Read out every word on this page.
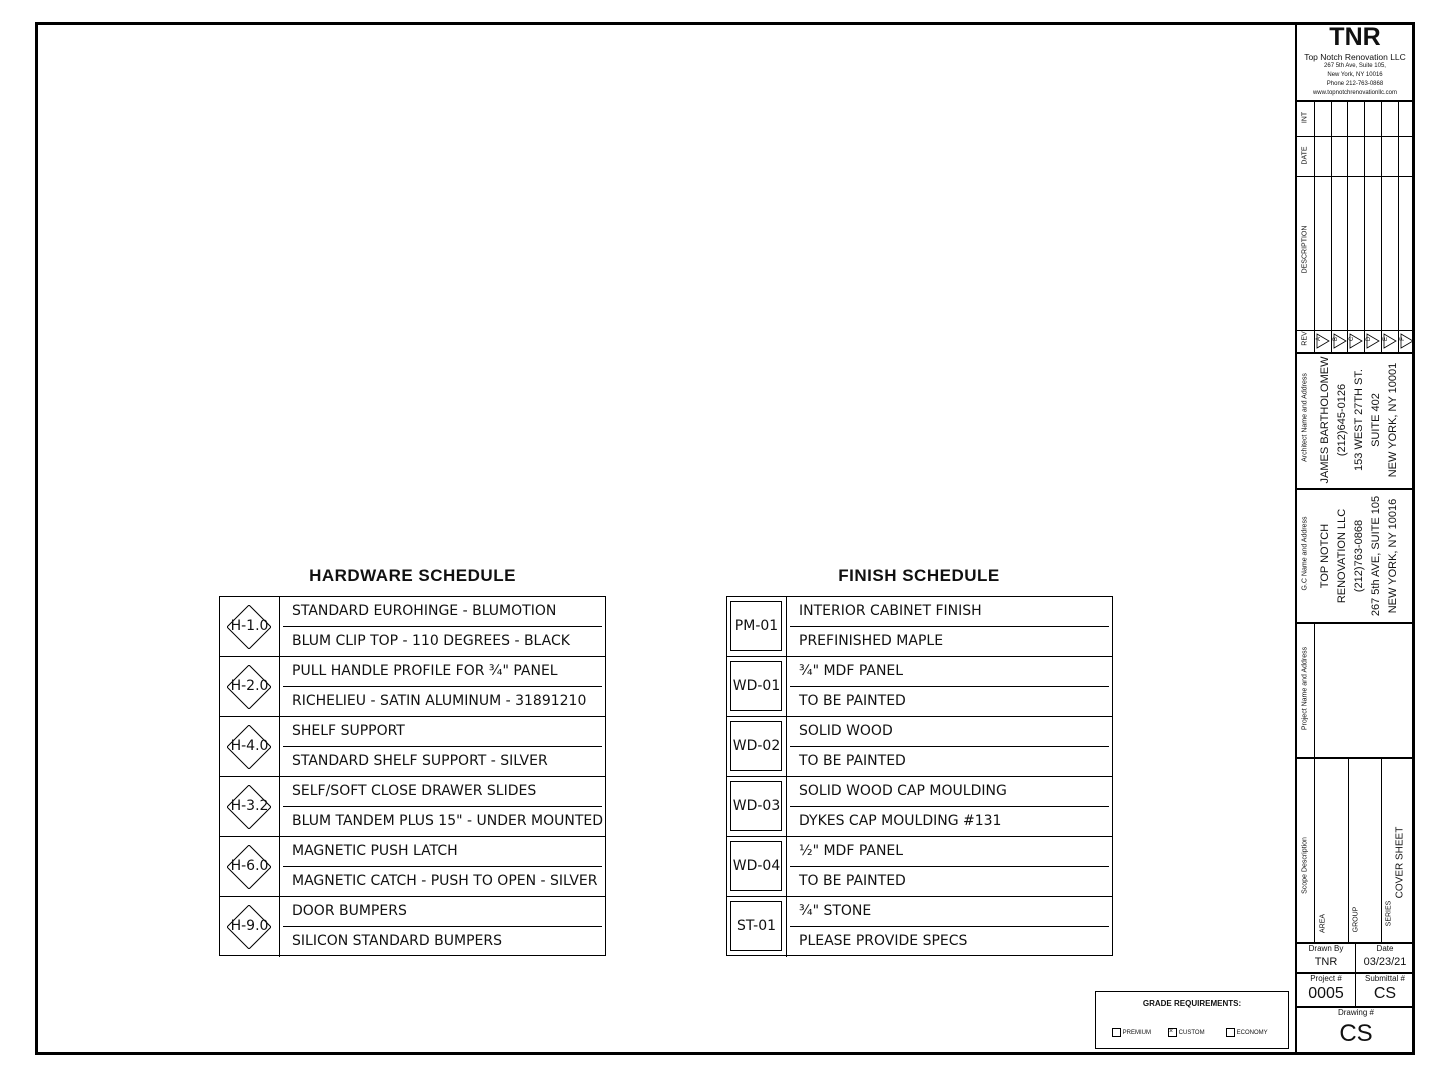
HARDWARE SCHEDULE
H-1.0
STANDARD EUROHINGE - BLUMOTION
BLUM CLIP TOP - 110 DEGREES - BLACK
H-2.0
PULL HANDLE PROFILE FOR ¾" PANEL
RICHELIEU - SATIN ALUMINUM - 31891210
H-4.0
SHELF SUPPORT
STANDARD SHELF SUPPORT - SILVER
H-3.2
SELF/SOFT CLOSE DRAWER SLIDES
BLUM TANDEM PLUS 15" - UNDER MOUNTED
H-6.0
MAGNETIC PUSH LATCH
MAGNETIC CATCH - PUSH TO OPEN - SILVER
H-9.0
DOOR BUMPERS
SILICON STANDARD BUMPERS
FINISH SCHEDULE
PM-01
INTERIOR CABINET FINISH
PREFINISHED MAPLE
WD-01
¾" MDF PANEL
TO BE PAINTED
WD-02
SOLID WOOD
TO BE PAINTED
WD-03
SOLID WOOD CAP MOULDING
DYKES CAP MOULDING #131
WD-04
½" MDF PANEL
TO BE PAINTED
ST-01
¾" STONE
PLEASE PROVIDE SPECS
GRADE REQUIREMENTS:
PREMIUM	× CUSTOM	ECONOMY
TNR
Top Notch Renovation LLC
267 5th Ave, Suite 105,
New York, NY 10016
Phone 212-763-0868
www.topnotchrenovationllc.com
INT
DATE
DESCRIPTION
REV A B C D E F
Architect Name and Address JAMES BARTHOLOMEW (212)645-0126 153 WEST 27TH ST. SUITE 402 NEW YORK, NY 10001
G.C Name and Address TOP NOTCH RENOVATION LLC (212)763-0868 267 5th AVE, SUITE 105 NEW YORK, NY 10016
Project Name and Address
Scope Description
AREA	GROUP	SERIES
COVER SHEET
Drawn By
TNR
Date
03/23/21
Project #
0005
Submittal #
CS
Drawing #
CS
